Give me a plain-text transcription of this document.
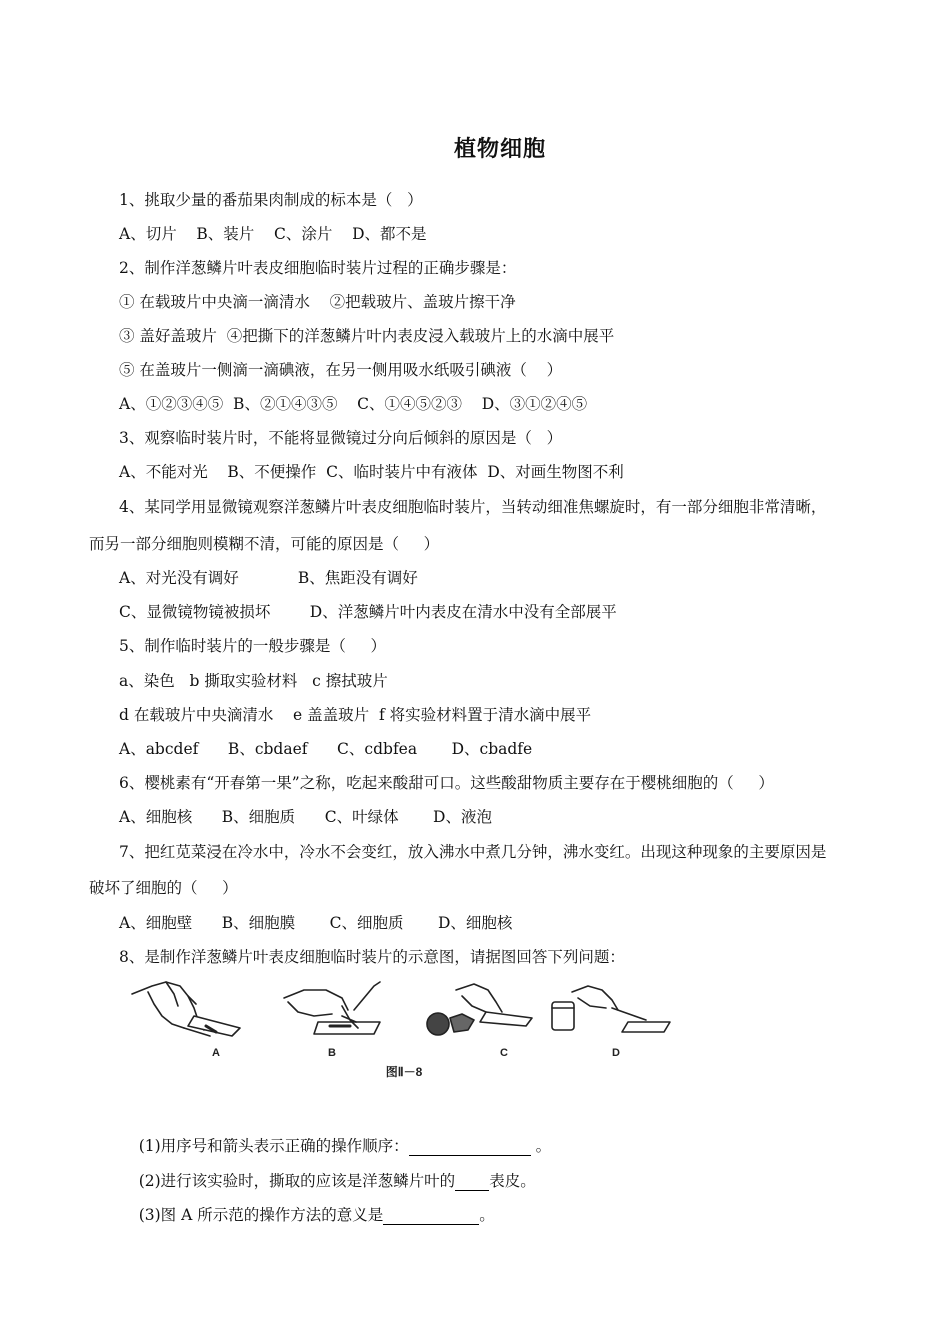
植物细胞
1、挑取少量的番茄果肉制成的标本是（   ）
A、切片    B、装片    C、涂片    D、都不是
2、制作洋葱鳞片叶表皮细胞临时装片过程的正确步骤是：
① 在载玻片中央滴一滴清水    ②把载玻片、盖玻片擦干净
③ 盖好盖玻片  ④把撕下的洋葱鳞片叶内表皮浸入载玻片上的水滴中展平
⑤ 在盖玻片一侧滴一滴碘液，在另一侧用吸水纸吸引碘液（    ）
A、①②③④⑤  B、②①④③⑤    C、①④⑤②③    D、③①②④⑤
3、观察临时装片时，不能将显微镜过分向后倾斜的原因是（   ）
A、不能对光    B、不便操作  C、临时装片中有液体  D、对画生物图不利
4、某同学用显微镜观察洋葱鳞片叶表皮细胞临时装片，当转动细准焦螺旋时，有一部分细胞非常清晰，
而另一部分细胞则模糊不清，可能的原因是（     ）
A、对光没有调好            B、焦距没有调好
C、显微镜物镜被损坏        D、洋葱鳞片叶内表皮在清水中没有全部展平
5、制作临时装片的一般步骤是（     ）
a、染色   b 撕取实验材料   c 擦拭玻片
d 在载玻片中央滴清水    e 盖盖玻片  f 将实验材料置于清水滴中展平
A、abcdef      B、cbdaef      C、cdbfea       D、cbadfe
6、樱桃素有“开春第一果”之称，吃起来酸甜可口。这些酸甜物质主要存在于樱桃细胞的（     ）
A、细胞核      B、细胞质      C、叶绿体       D、液泡
7、把红苋菜浸在冷水中，冷水不会变红，放入沸水中煮几分钟，沸水变红。出现这种现象的主要原因是
破坏了细胞的（     ）
A、细胞壁      B、细胞膜       C、细胞质       D、细胞核
8、是制作洋葱鳞片叶表皮细胞临时装片的示意图，请据图回答下列问题：
A	B	C	D
图Ⅱ－8

(1)用序号和箭头表示正确的操作顺序：	。

(2)进行该实验时，撕取的应该是洋葱鳞片叶的 表皮。

(3)图 A 所示范的操作方法的意义是	。
